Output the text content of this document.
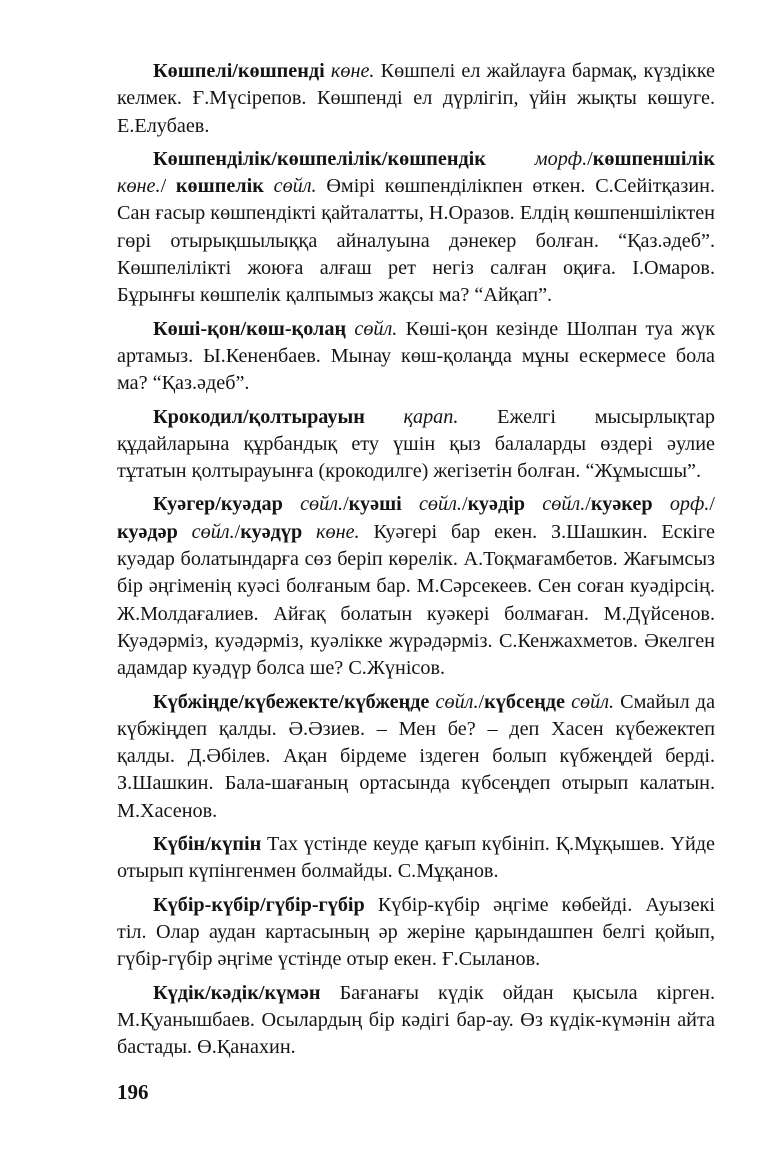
Көшпелі/көшпенді көне. Көшпелі ел жайлауға бармақ, күздікке келмек. Ғ.Мүсірепов. Көшпенді ел дүрлігіп, үйін жықты көшуге. Е.Елубаев.

Көшпенділік/көшпелілік/көшпендік морф./көшпеншілік көне./ көшпелік сөйл. Өмірі көшпенділікпен өткен. С.Сейітқазин. Сан ғасыр көшпендікті қайталатты, Н.Оразов. Елдің көшпеншіліктен гөрі отырықшылыққа айналуына дәнекер болған. “Қаз.әдеб”. Көшпелілікті жоюға алғаш рет негіз салған оқиға. І.Омаров. Бұрынғы көшпелік қалпымыз жақсы ма? “Айқап”.

Көші-қон/көш-қолаң сөйл. Көші-қон кезінде Шолпан туа жүк артамыз. Ы.Кененбаев. Мынау көш-қолаңда мұны ескермесе бола ма? “Қаз.әдеб”.

Крокодил/қолтырауын қарап. Ежелгі мысырлықтар құдайларына құрбандық ету үшін қыз балаларды өздері әулие тұтатын қолтырауынға (крокодилге) жегізетін болған. “Жұмысшы”.

Куәгер/куәдар сөйл./куәші сөйл./куәдір сөйл./куәкер орф./куәдәр сөйл./куәдүр көне. Куәгері бар екен. З.Шашкин. Ескіге куәдар болатындарға сөз беріп көрелік. А.Тоқмағамбетов. Жағымсыз бір әңгіменің куәсі болғаным бар. М.Сәрсекеев. Сен соған куәдірсің. Ж.Молдағалиев. Айғақ болатын куәкері болмаған. М.Дүйсенов. Куәдәрміз, куәдәрміз, куәлікке жүрәдәрміз. С.Кенжахметов. Әкелген адамдар куәдүр болса ше? С.Жүнісов.

Күбжіңде/күбежекте/күбжеңде сөйл./күбсеңде сөйл. Смайыл да күбжіңдеп қалды. Ә.Әзиев. – Мен бе? – деп Хасен күбежектеп қалды. Д.Әбілев. Ақан бірдеме іздеген болып күбжеңдей берді. З.Шашкин. Бала-шағаның ортасында күбсеңдеп отырып калатын. М.Хасенов.

Күбін/күпін Тах үстінде кеуде қағып күбініп. Қ.Мұқышев. Үйде отырып күпінгенмен болмайды. С.Мұқанов.

Күбір-күбір/гүбір-гүбір Күбір-күбір әңгіме көбейді. Ауызекі тіл. Олар аудан картасының әр жеріне қарындашпен белгі қойып, гүбір-гүбір әңгіме үстінде отыр екен. Ғ.Сыланов.

Күдік/кәдік/күмән Бағанағы күдік ойдан қысыла кірген. М.Қуанышбаев. Осылардың бір кәдігі бар-ау. Өз күдік-күмәнін айта бастады. Ө.Қанахин.

196
